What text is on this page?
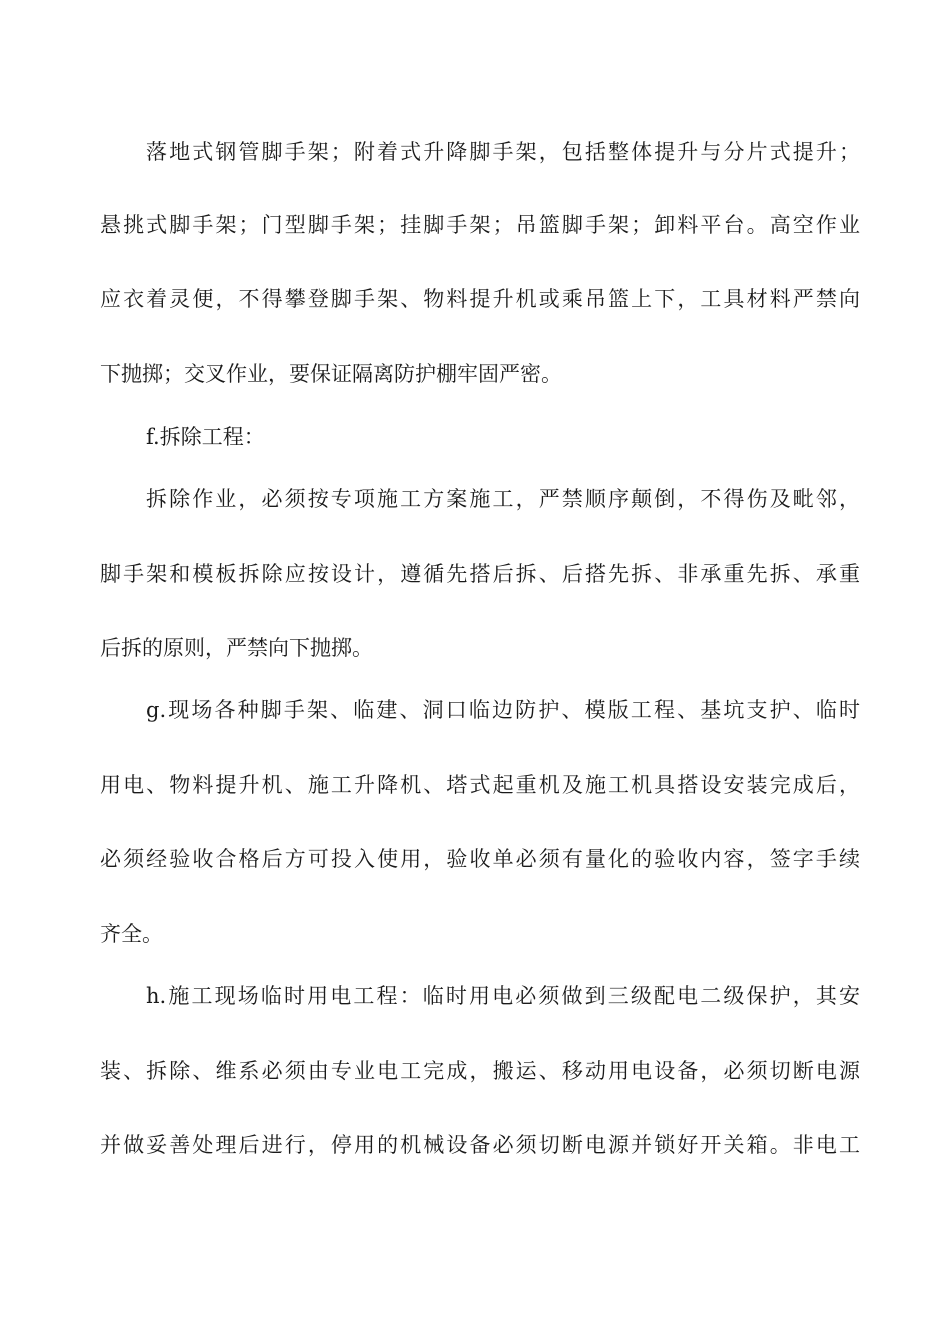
落地式钢管脚手架；附着式升降脚手架，包括整体提升与分片式提升；
悬挑式脚手架；门型脚手架；挂脚手架；吊篮脚手架；卸料平台。高空作业
应衣着灵便，不得攀登脚手架、物料提升机或乘吊篮上下，工具材料严禁向
下抛掷；交叉作业，要保证隔离防护棚牢固严密。
f.拆除工程：
拆除作业，必须按专项施工方案施工，严禁顺序颠倒，不得伤及毗邻，
脚手架和模板拆除应按设计，遵循先搭后拆、后搭先拆、非承重先拆、承重
后拆的原则，严禁向下抛掷。
g.现场各种脚手架、临建、洞口临边防护、模版工程、基坑支护、临时
用电、物料提升机、施工升降机、塔式起重机及施工机具搭设安装完成后，
必须经验收合格后方可投入使用，验收单必须有量化的验收内容，签字手续
齐全。
h.施工现场临时用电工程：临时用电必须做到三级配电二级保护，其安
装、拆除、维系必须由专业电工完成，搬运、移动用电设备，必须切断电源
并做妥善处理后进行，停用的机械设备必须切断电源并锁好开关箱。非电工
